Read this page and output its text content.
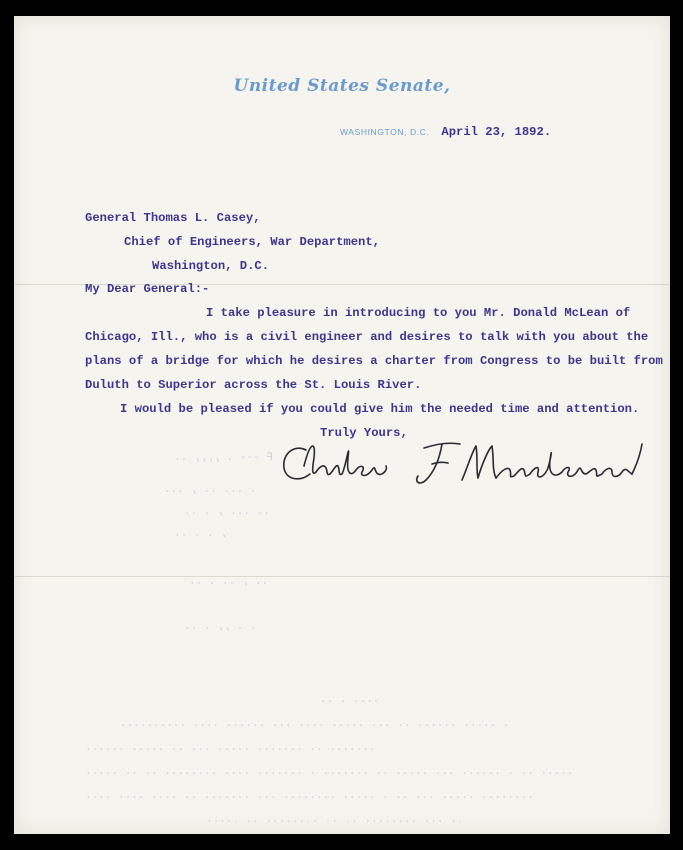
United States Senate,
WASHINGTON, D.C. April 23, 1892.
General Thomas L. Casey,
Chief of Engineers, War Department,
Washington, D.C.
My Dear General:-
I take pleasure in introducing to you Mr. Donald McLean of
Chicago, Ill., who is a civil engineer and desires to talk with you about the
plans of a bridge for which he desires a charter from Congress to be built from
Duluth to Superior across the St. Louis River.
I would be pleased if you could give him the needed time and attention.
Truly Yours,
Charles F. Manderson
F --- . ,,,, ..
. ... .. , ...
.. ... , . ..
, . . ..
.. , .. . ..
. . ,, . ..
.... . ..
. ..... ...... .. ... ..... .... ... ...... .... ..........
....... .. ....... ..... ... .. ..... ......
..... .. . ...... ... ..... .. ....... . ....... .... ........ .. .. .....
........ ..... ... .. . ..... ........ ... ....... .. .... .... ....
.. ... ........ .. .. ........ .. .....
